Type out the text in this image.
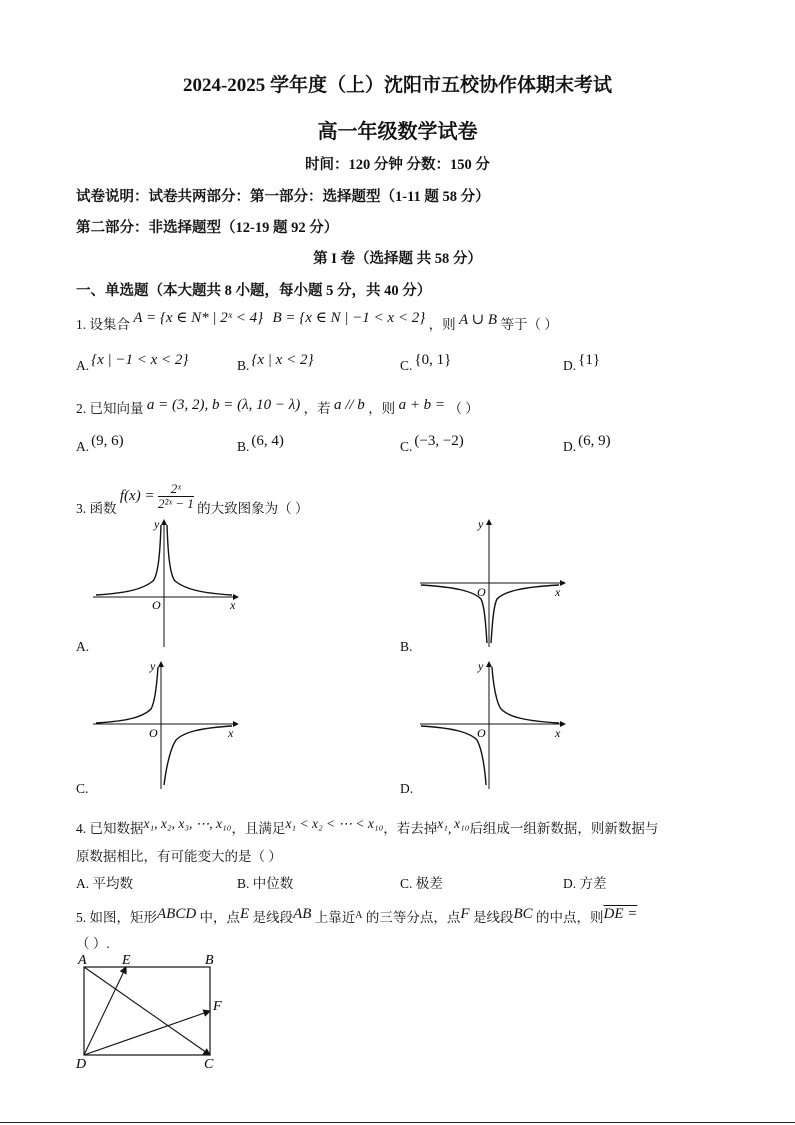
2024-2025 学年度（上）沈阳市五校协作体期末考试
高一年级数学试卷
时间：120 分钟 分数：150 分
试卷说明：试卷共两部分：第一部分：选择题型（1-11 题 58 分）
第二部分：非选择题型（12-19 题 92 分）
第 I 卷（选择题 共 58 分）
一、单选题（本大题共 8 小题，每小题 5 分，共 40 分）
1. 设集合 A = {x ∈ N* | 2ˣ < 4} B = {x ∈ N | −1 < x < 2} ，则 A ∪ B 等于（ ）
A. {x | −1 < x < 2}	B. {x | x < 2}	C. {0, 1}	D. {1}
2. 已知向量 a = (3, 2), b = (λ, 10 − λ) ，若 a // b ，则 a + b = （ ）
A. (9, 6)	B. (6, 4)	C. (−3, −2)	D. (6, 9)
3. 函数 $f(x) = \frac{\text{2ˣ}}{\text{2²ˣ − 1}}$ 的大致图象为（ ）
O	x
y
A.
O	x
y
B.
O	x
y
C.
O	x
y
D.
4. 已知数据x₁, x₂, x₃, ⋯, x₁₀，且满足x₁ < x₂ < ⋯ < x₁₀，若去掉x₁, x₁₀后组成一组新数据，则新数据与
原数据相比，有可能变大的是（ ）
A. 平均数	B. 中位数	C. 极差	D. 方差
5. 如图，矩形ABCD 中，点E 是线段AB 上靠近$^A$ 的三等分点，点F 是线段BC 的中点，则DE =
（ ）.
A	E	B
F
D	C
